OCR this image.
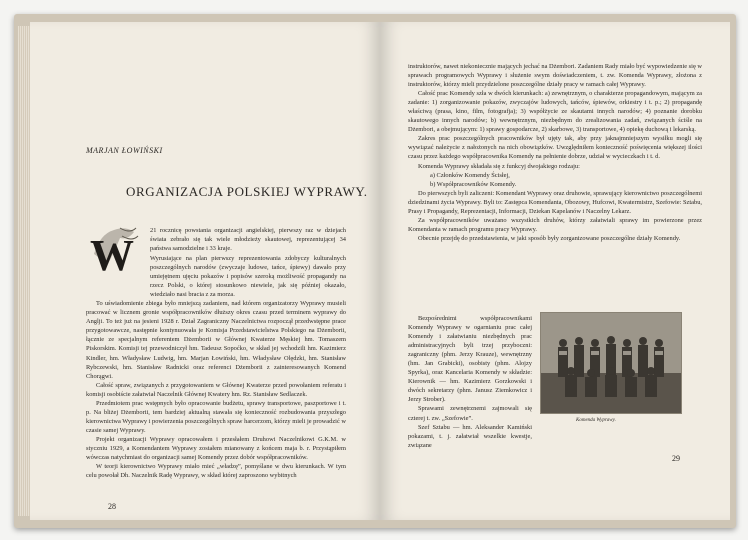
MARJAN ŁOWIŃSKI
ORGANIZACJA POLSKIEJ WYPRAWY.
W

21 rocznicę powstania organizacji angielskiej, pierwszy raz w dziejach świata zebrało się tak wiele młodzieży skautowej, reprezentującej 34 państwa samodzielne i 33 kraje.

Wyrusiające na plan pierwszy reprezentowania zdobyczy kulturalnych poszczególnych narodów (zwyczaje ludowe, tańce, śpiewy) dawało przy umiejętnem ujęciu pokazów i popisów szeroką możliwość propagandy na rzecz Polski, o której stosunkowo niewiele, jak się później okazało, wiedziało nasi bracia z za morza.

To uświadomienie zbiega było mniejszą zadaniem, nad którem organizatorzy Wyprawy musieli pracować w licznem gronie współpracowników dłuższy okres czasu przed terminem wyprawy do Anglji. To też już na jesieni 1928 r. Dział Zagraniczny Naczelnictwa rozpoczął przedwstępne prace przygotowawcze, następnie kontynuowała je Komisja Przedstawicielstwa Polskiego na Dżemborii, łącznie ze specjalnym referentem Dżemborii w Głównej Kwaterze Męskiej hm. Tomaszem Piskorskim. Komisji tej przewodniczył hm. Tadeusz Sopoćko, w skład jej wchodzili hm. Kazimierz Kindler, hm. Władysław Ludwig, hm. Marjan Łowiński, hm. Władysław Olędzki, hm. Stanisław Rybczewski, hm. Stanisław Radnicki oraz referenci Dżemborii z zainteresowanych Komend Chorągwi.

Całość spraw, związanych z przygotowaniem w Głównej Kwaterze przed powołaniem referatu i komisji osobiście załatwiał Naczelnik Głównej Kwatery hm. Rz. Stanisław Sedlaczek.

Przedmiotem prac wstępnych było opracowanie budżetu, sprawy transportowe, paszportowe i t. p. Na bliżej Dżemborii, tem bardziej aktualną stawała się konieczność rozbudowania przyszłego kierownictwa Wyprawy i powierzenia poszczególnych spraw harcerzom, którzy mieli je prowadzić w czasie samej Wyprawy.

Projekt organizacji Wyprawy opracowałem i przesłałem Druhowi Naczelnikowi G.K.M. w styczniu 1929, a Komendantem Wyprawy zostałem mianowany z końcem maja b. r. Przystąpiłem wówczas natychmiast do organizacji samej Komendy przez dobór współpracowników.

W teorji kierownictwo Wyprawy miało mieć „władzę”, pomyślane w dwu kierunkach. W tym celu powołał Dh. Naczelnik Radę Wyprawy, w skład której zaproszono wybitnych

28

instruktorów, nawet niekoniecznie mających jechać na Dżembori. Zadaniem Rady miało być wypowiedzenie się w sprawach programowych Wyprawy i służenie swym doświadczeniem, t. zw. Komenda Wyprawy, złożona z instruktorów, którzy mieli przydzielone poszczególne działy pracy w ramach całej Wyprawy.

Całość prac Komendy szła w dwóch kierunkach: a) zewnętrznym, o charakterze propagandowym, mającym za zadanie: 1) zorganizowanie pokazów, zwyczajów ludowych, tańców, śpiewów, orkiestry i t. p.; 2) propagandę właściwą (prasa, kino, film, fotografja); 3) współżycie ze skautami innych narodów; 4) poznanie dorobku skautowego innych narodów; b) wewnętrznym, niezbędnym do zrealizowania zadań, związanych ściśle na Dżembori, a obejmującym: 1) sprawy gospodarcze, 2) skarbowe, 3) transportowe, 4) opiekę duchową i lekarską.

Zakres prac poszczególnych pracowników był ujęty tak, aby przy jaknajmniejszym wysiłku mogli się wywiązać należycie z nałożonych na nich obowiązków. Uwzględniłem konieczność poświęcenia większej ilości czasu przez każdego współpracownika Komendy na pełnienie dobrze, udział w wycieczkach i t. d.

Komenda Wyprawy składała się z funkcyj dwojakiego rodzaju:

a) Członków Komendy Ścisłej,

b) Współpracowników Komendy.

Do pierwszych byli zaliczeni: Komendant Wyprawy oraz druhowie, sprawujący kierownictwo poszczególnemi dziedzinami życia Wyprawy. Byli to: Zastępca Komendanta, Obozowy, Hufcowi, Kwatermistrz, Szefowie: Sztabu, Prasy i Propagandy, Reprezentacji, Informacji, Dziekan Kapelanów i Naczelny Lekarz.

Za współpracowników uważano wszystkich druhów, którzy załatwiali sprawy im powierzone przez Komendanta w ramach programu pracy Wyprawy.

Obecnie przejdę do przedstawienia, w jaki sposób były zorganizowane poszczególne działy Komendy.

Bezpośrednimi współpracownikami Komendy Wyprawy w ogarnianiu prac całej Komendy i załatwianiu niezbędnych prac administracyjnych byli trzej przyboczni: zagraniczny (phm. Jerzy Krauze), wewnętrzny (hm. Jan Grabicki), osobisty (phm. Alojzy Spyrka), oraz Kancelaria Komendy w składzie: Kierownik — hm. Kazimierz Gorzkowski i dwóch sekretarzy (phm. Janusz Ziemkowicz i Jerzy Strober).

Sprawami zewnętrznemi zajmowali się czterej t. zw. „Szefowie”.

Szef Sztabu — hm. Aleksander Kamiński pokazami, t. j. załatwiał wszelkie kwestje, związane

Komenda Wyprawy.
29
